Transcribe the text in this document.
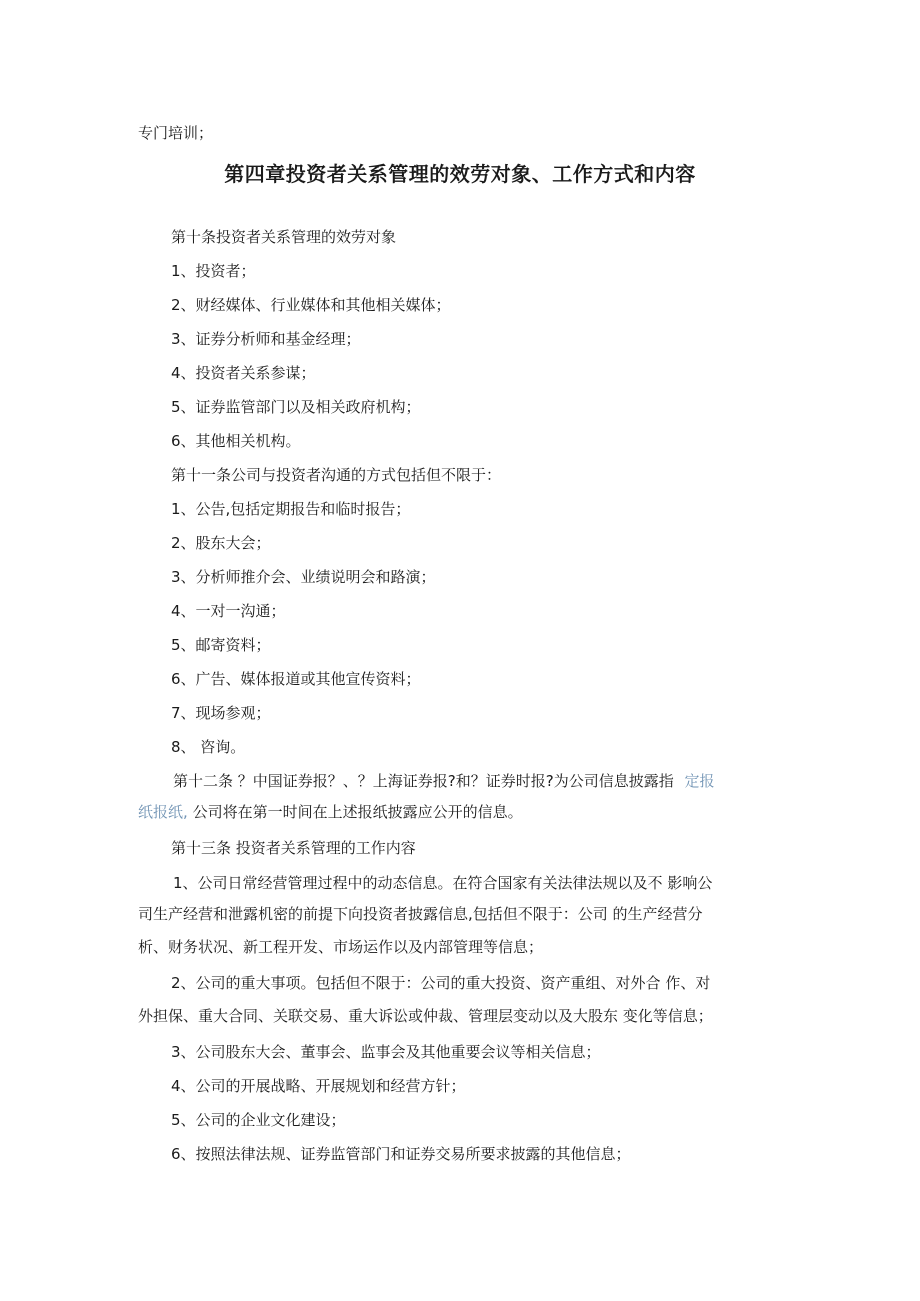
专门培训；
第四章投资者关系管理的效劳对象、工作方式和内容
第十条投资者关系管理的效劳对象
1、投资者；
2、财经媒体、行业媒体和其他相关媒体；
3、证券分析师和基金经理；
4、投资者关系参谋；
5、证券监管部门以及相关政府机构；
6、其他相关机构。
第十一条公司与投资者沟通的方式包括但不限于：
1、公告,包括定期报告和临时报告；
2、股东大会；
3、分析师推介会、业绩说明会和路演；
4、一对一沟通；
5、邮寄资料；
6、广告、媒体报道或其他宣传资料；
7、现场参观；
8、 咨询。
第十二条 ？中国证券报？、？上海证券报?和？证券时报?为公司信息披露指 定报
纸报纸, 公司将在第一时间在上述报纸披露应公开的信息。
第十三条 投资者关系管理的工作内容
1、公司日常经营管理过程中的动态信息。在符合国家有关法律法规以及不 影响公
司生产经营和泄露机密的前提下向投资者披露信息,包括但不限于：公司 的生产经营分
析、财务状况、新工程开发、市场运作以及内部管理等信息；
2、公司的重大事项。包括但不限于：公司的重大投资、资产重组、对外合 作、对
外担保、重大合同、关联交易、重大诉讼或仲裁、管理层变动以及大股东 变化等信息；
3、公司股东大会、董事会、监事会及其他重要会议等相关信息；
4、公司的开展战略、开展规划和经营方针；
5、公司的企业文化建设；
6、按照法律法规、证券监管部门和证券交易所要求披露的其他信息；
